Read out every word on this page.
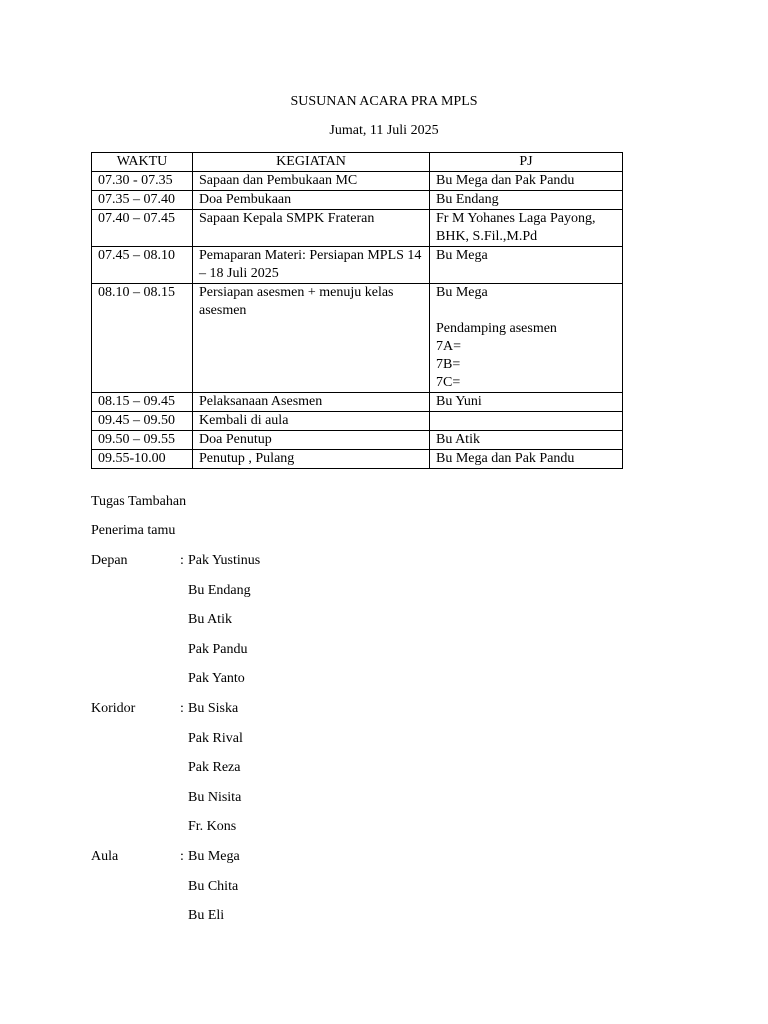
SUSUNAN ACARA PRA MPLS
Jumat, 11 Juli 2025
WAKTU	KEGIATAN	PJ
07.30 - 07.35	Sapaan dan Pembukaan MC	Bu Mega dan Pak Pandu
07.35 – 07.40	Doa Pembukaan	Bu Endang
07.40 – 07.45	Sapaan Kepala SMPK Frateran	Fr M Yohanes Laga Payong, BHK, S.Fil.,M.Pd
07.45 – 08.10	Pemaparan Materi: Persiapan MPLS 14 – 18 Juli 2025	Bu Mega
08.10 – 08.15	Persiapan asesmen + menuju kelas asesmen	Bu Mega
Pendamping asesmen
7A=
7B=
7C=

08.15 – 09.45	Pelaksanaan Asesmen	Bu Yuni
09.45 – 09.50	Kembali di aula	
09.50 – 09.55	Doa Penutup	Bu Atik
09.55-10.00	Penutup , Pulang	Bu Mega dan Pak Pandu
Tugas Tambahan
Penerima tamu
Depan	: Pak Yustinus
Bu Endang
Bu Atik
Pak Pandu
Pak Yanto
Koridor	: Bu Siska
Pak Rival
Pak Reza
Bu Nisita
Fr. Kons
Aula	: Bu Mega
Bu Chita
Bu Eli
